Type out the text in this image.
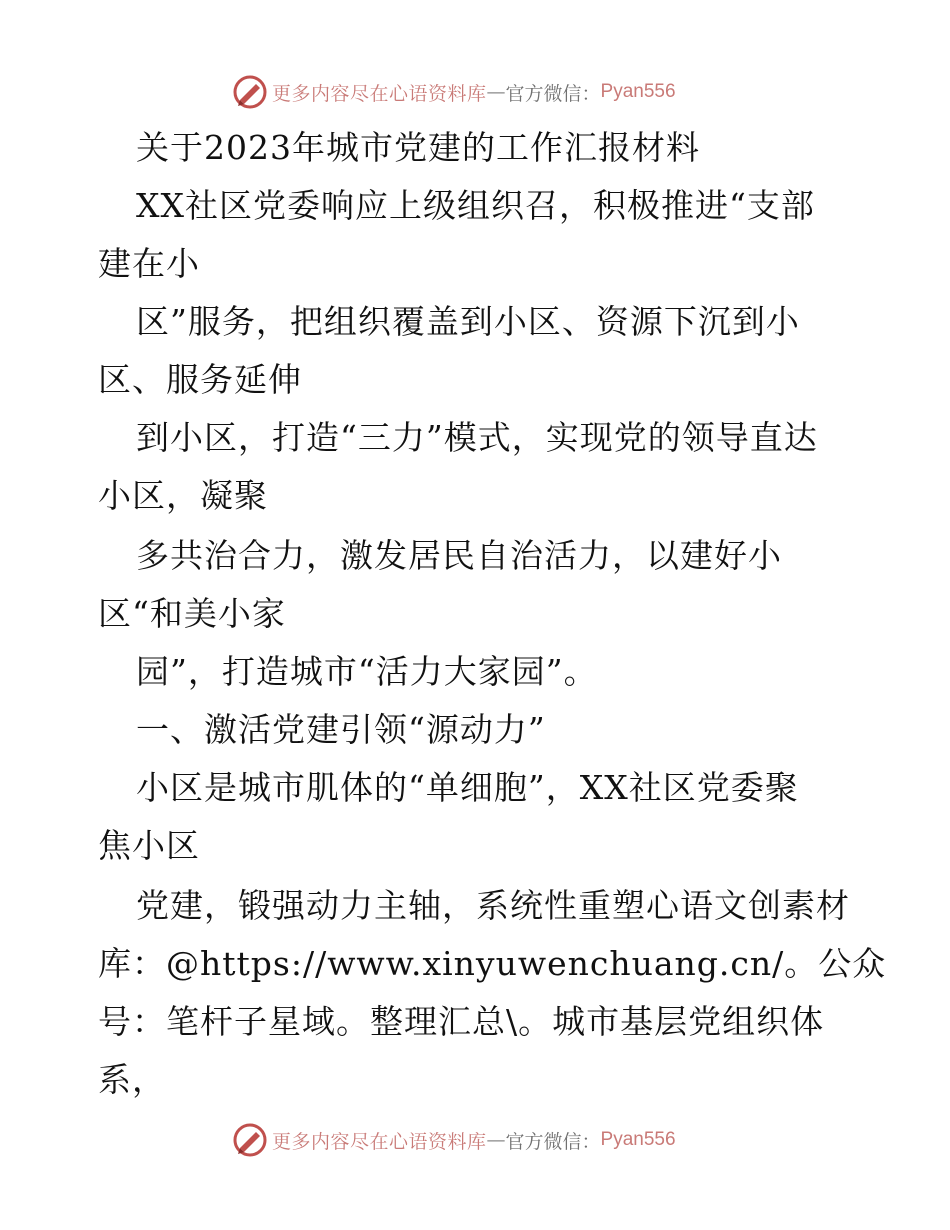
更多内容尽在心语资料库 — 官方微信： Pyan556
关于2023年城市党建的工作汇报材料
XX社区党委响应上级组织召，积极推进“支部
建在小
区”服务，把组织覆盖到小区、资源下沉到小
区、服务延伸
到小区，打造“三力”模式，实现党的领导直达
小区，凝聚
多共治合力，激发居民自治活力，以建好小
区“和美小家
园”，打造城市“活力大家园”。
一、激活党建引领“源动力”
小区是城市肌体的“单细胞”，XX社区党委聚
焦小区
党建，锻强动力主轴，系统性重塑心语文创素材
库：@https://www.xinyuwenchuang.cn/。公众
号：笔杆子星域。整理汇总\。城市基层党组织体
系，
更多内容尽在心语资料库 — 官方微信： Pyan556
